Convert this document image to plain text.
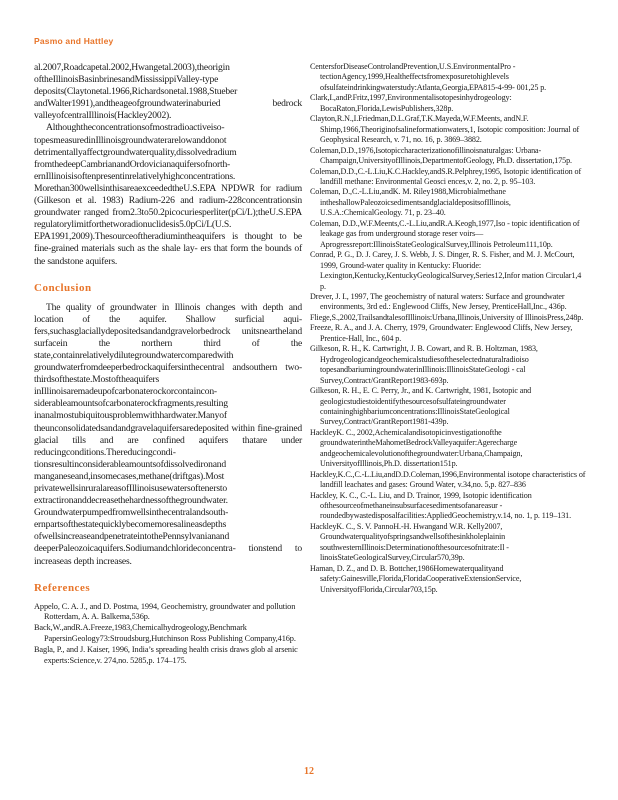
Pasmo and Hattley

al.2007,Roadcapetal.2002,Hwangetal.2003),theorigin oftheIllinoisBasinbrinesandMississippiValley-type deposits(Claytonetal.1966,Richardsonetal.1988,Stueber andWalter1991),andtheageofgroundwaterinaburied bedrock valleyofcentralIllinois(Hackley2002).

Althoughtheconcentrationsofmostradioactiveiso- topesmeasuredinIllinoisgroundwaterarelowanddonot detrimentallyaffectgroundwaterquality,dissolvedradium fromthedeepCambrianandOrdovicianaquifersofnorth- ernIllinoisisoftenpresentinrelativelyhighconcentrations. Morethan300wellsinthisareaexceededtheU.S.EPA NPDWR for radium (Gilkeson et al. 1983) Radium-226 and radium-228concentrationsin groundwater ranged from2.3to50.2picocuriesperliter(pCi/L);theU.S.EPA regulatorylimitforthetworadionuclidesis5.0pCi/L(U.S. EPA1991,2009).Thesourceoftheradiumintheaquifers is thought to be fine-grained materials such as the shale lay- ers that form the bounds of the sandstone aquifers.

Conclusion

The quality of groundwater in Illinois changes with depth and location of the aquifer. Shallow surficial aqui- fers,suchasglaciallydepositedsandandgravelorbedrock unitsneartheland surfacein the northern third of the state,containrelativelydilutegroundwatercomparedwith groundwaterfromdeeperbedrockaquifersinthecentral andsouthern two-thirdsofthestate.Mostoftheaquifers inIllinoisaremadeupofcarbonaterockorcontaincon- siderableamountsofcarbonaterockfragments,resulting inanalmostubiquitousproblemwithhardwater.Manyof theunconsolidatedsandandgravelaquifersaredeposited within fine-grained glacial tills and are confined aquifers thatare under reducingconditions.Thereducingcondi- tionsresultinconsiderableamountsofdissolvedironand manganeseand,insomecases,methane(driftgas).Most privatewellsinruralareasofIllinoisusewatersoftenersto extractironanddecreasethehardnessofthegroundwater. Groundwaterpumpedfromwellsinthecentralandsouth- ernpartsofthestatequicklybecomemoresalineasdepths ofwellsincreaseandpenetrateintothePennsylvanianand deeperPaleozoicaquifers.Sodiumandchlorideconcentra- tionstend to increaseas depth increases.

References
Appelo, C. A. J., and D. Postma, 1994, Geochemistry, groundwater and pollution Rotterdam, A. A. Balkema,536p.
Back,W.,andR.A.Freeze,1983,Chemicalhydrogeology,Benchmark PapersinGeology73:Stroudsburg,Hutchinson Ross Publishing Company,416p.
Bagla, P., and J. Kaiser, 1996, India’s spreading health crisis draws glob al arsenic experts:Science,v. 274,no. 5285,p. 174–175.
CentersforDiseaseControlandPrevention,U.S.EnvironmentalPro - tectionAgency,1999,Healtheffectsfromexposuretohighlevels ofsulfateindrinkingwaterstudy:Atlanta,Georgia,EPA815-4-99- 001,25 p.
Clark,I.,andP.Fritz,1997,Environmentalisotopesinhydrogeology: BocaRaton,Florida,LewisPublishers,328p.
Clayton,R.N.,I.Friedman,D.L.Graf,T.K.Mayeda,W.F.Meents, andN.F. Shimp,1966,Theoriginofsalineformationwaters,1, Isotopic composition: Journal of Geophysical Research, v. 71, no. 16, p. 3869–3882.
Coleman,D.D.,1976,Isotopiccharacterizationofillinoisnaturalgas: Urbana-Champaign,UniversityofIllinois,DepartmentofGeology, Ph.D. dissertation,175p.
Coleman,D.D.,C.-L.Liu,K.C.Hackley,andS.R.Pelphrey,1995, Isotopic identification of landfill methane: Environmental Geosci ences,v. 2, no. 2, p. 95–103.
Coleman, D.,C.-L.Liu,andK. M. Riley1988,Microbialmethane intheshallowPaleozoicsedimentsandglacialdepositsofIllinois, U.S.A.:ChemicalGeology. 71, p. 23–40.
Coleman, D.D.,W.F.Meents,C.-L.Liu,andR.A.Keogh,1977,Iso - topic identification of leakage gas from underground storage reser voirs—Aprogressreport:IllinoisStateGeologicalSurvey,Illinois Petroleum111,10p.
Conrad, P. G., D. J. Carey, J. S. Webb, J. S. Dinger, R. S. Fisher, and M. J. McCourt, 1999, Ground-water quality in Kentucky: Fluoride: Lexington,Kentucky,KentuckyGeologicalSurvey,Series12,Infor mation Circular1,4 p.
Drever, J. I., 1997, The geochemistry of natural waters: Surface and groundwater environments, 3rd ed.: Englewood Cliffs, New Jersey, PrenticeHall,Inc., 436p.
Fliege,S.,2002,TrailsandtalesofIllinois:Urbana,Illinois,University of IllinoisPress,248p.
Freeze, R. A., and J. A. Cherry, 1979, Groundwater: Englewood Cliffs, New Jersey, Prentice-Hall, Inc., 604 p.
Gilkeson, R. H., K. Cartwright, J. B. Cowart, and R. B. Holtzman, 1983, Hydrogeologicandgeochemicalstudiesoftheselectednaturalradioiso topesandbariumingroundwaterinIllinois:IllinoisStateGeologi - cal Survey,Contract/GrantReport1983-693p.
Gilkeson, R. H., E. C. Perry, Jr., and K. Cartwright, 1981, Isotopic and geologicstudiestoidentifythesourcesofsulfateingroundwater containinghighbariumconcentrations:IllinoisStateGeological Survey,Contract/GrantReport1981-439p.
HackleyK. C., 2002,Achemicalandisotopicinvestigationofthe groundwaterintheMahometBedrockValleyaquifer:Agerecharge andgeochemicalevolutionofthegroundwater:Urbana,Champaign, UniversityofIllinois,Ph.D. dissertation151p.
Hackley,K.C.,C.-L.Liu,andD.D.Coleman,1996,Environmental isotope characteristics of landfill leachates and gases: Ground Water, v.34,no. 5,p. 827–836
Hackley, K. C., C.-L. Liu, and D. Trainor, 1999, Isotopic identification ofthesourceofmethaneinsubsurfacesedimentsofanareasur - roundedbywastedisposalfacilities:AppliedGeochemistry,v.14, no. 1, p. 119–131.
HackleyK. C., S. V. PannoH.-H. Hwangand W.R. Kelly2007, Groundwaterqualityofspringsandwellsofthesinkholeplainin southwesternIllinois:Determinationofthesourcesofnitrate:Il - linoisStateGeologicalSurvey,Circular570,39p.
Haman, D. Z., and D. B. Bottcher,1986Homewaterqualityand safety:Gainesville,Florida,FloridaCooperativeExtensionService, UniversityofFlorida,Circular703,15p.
12
